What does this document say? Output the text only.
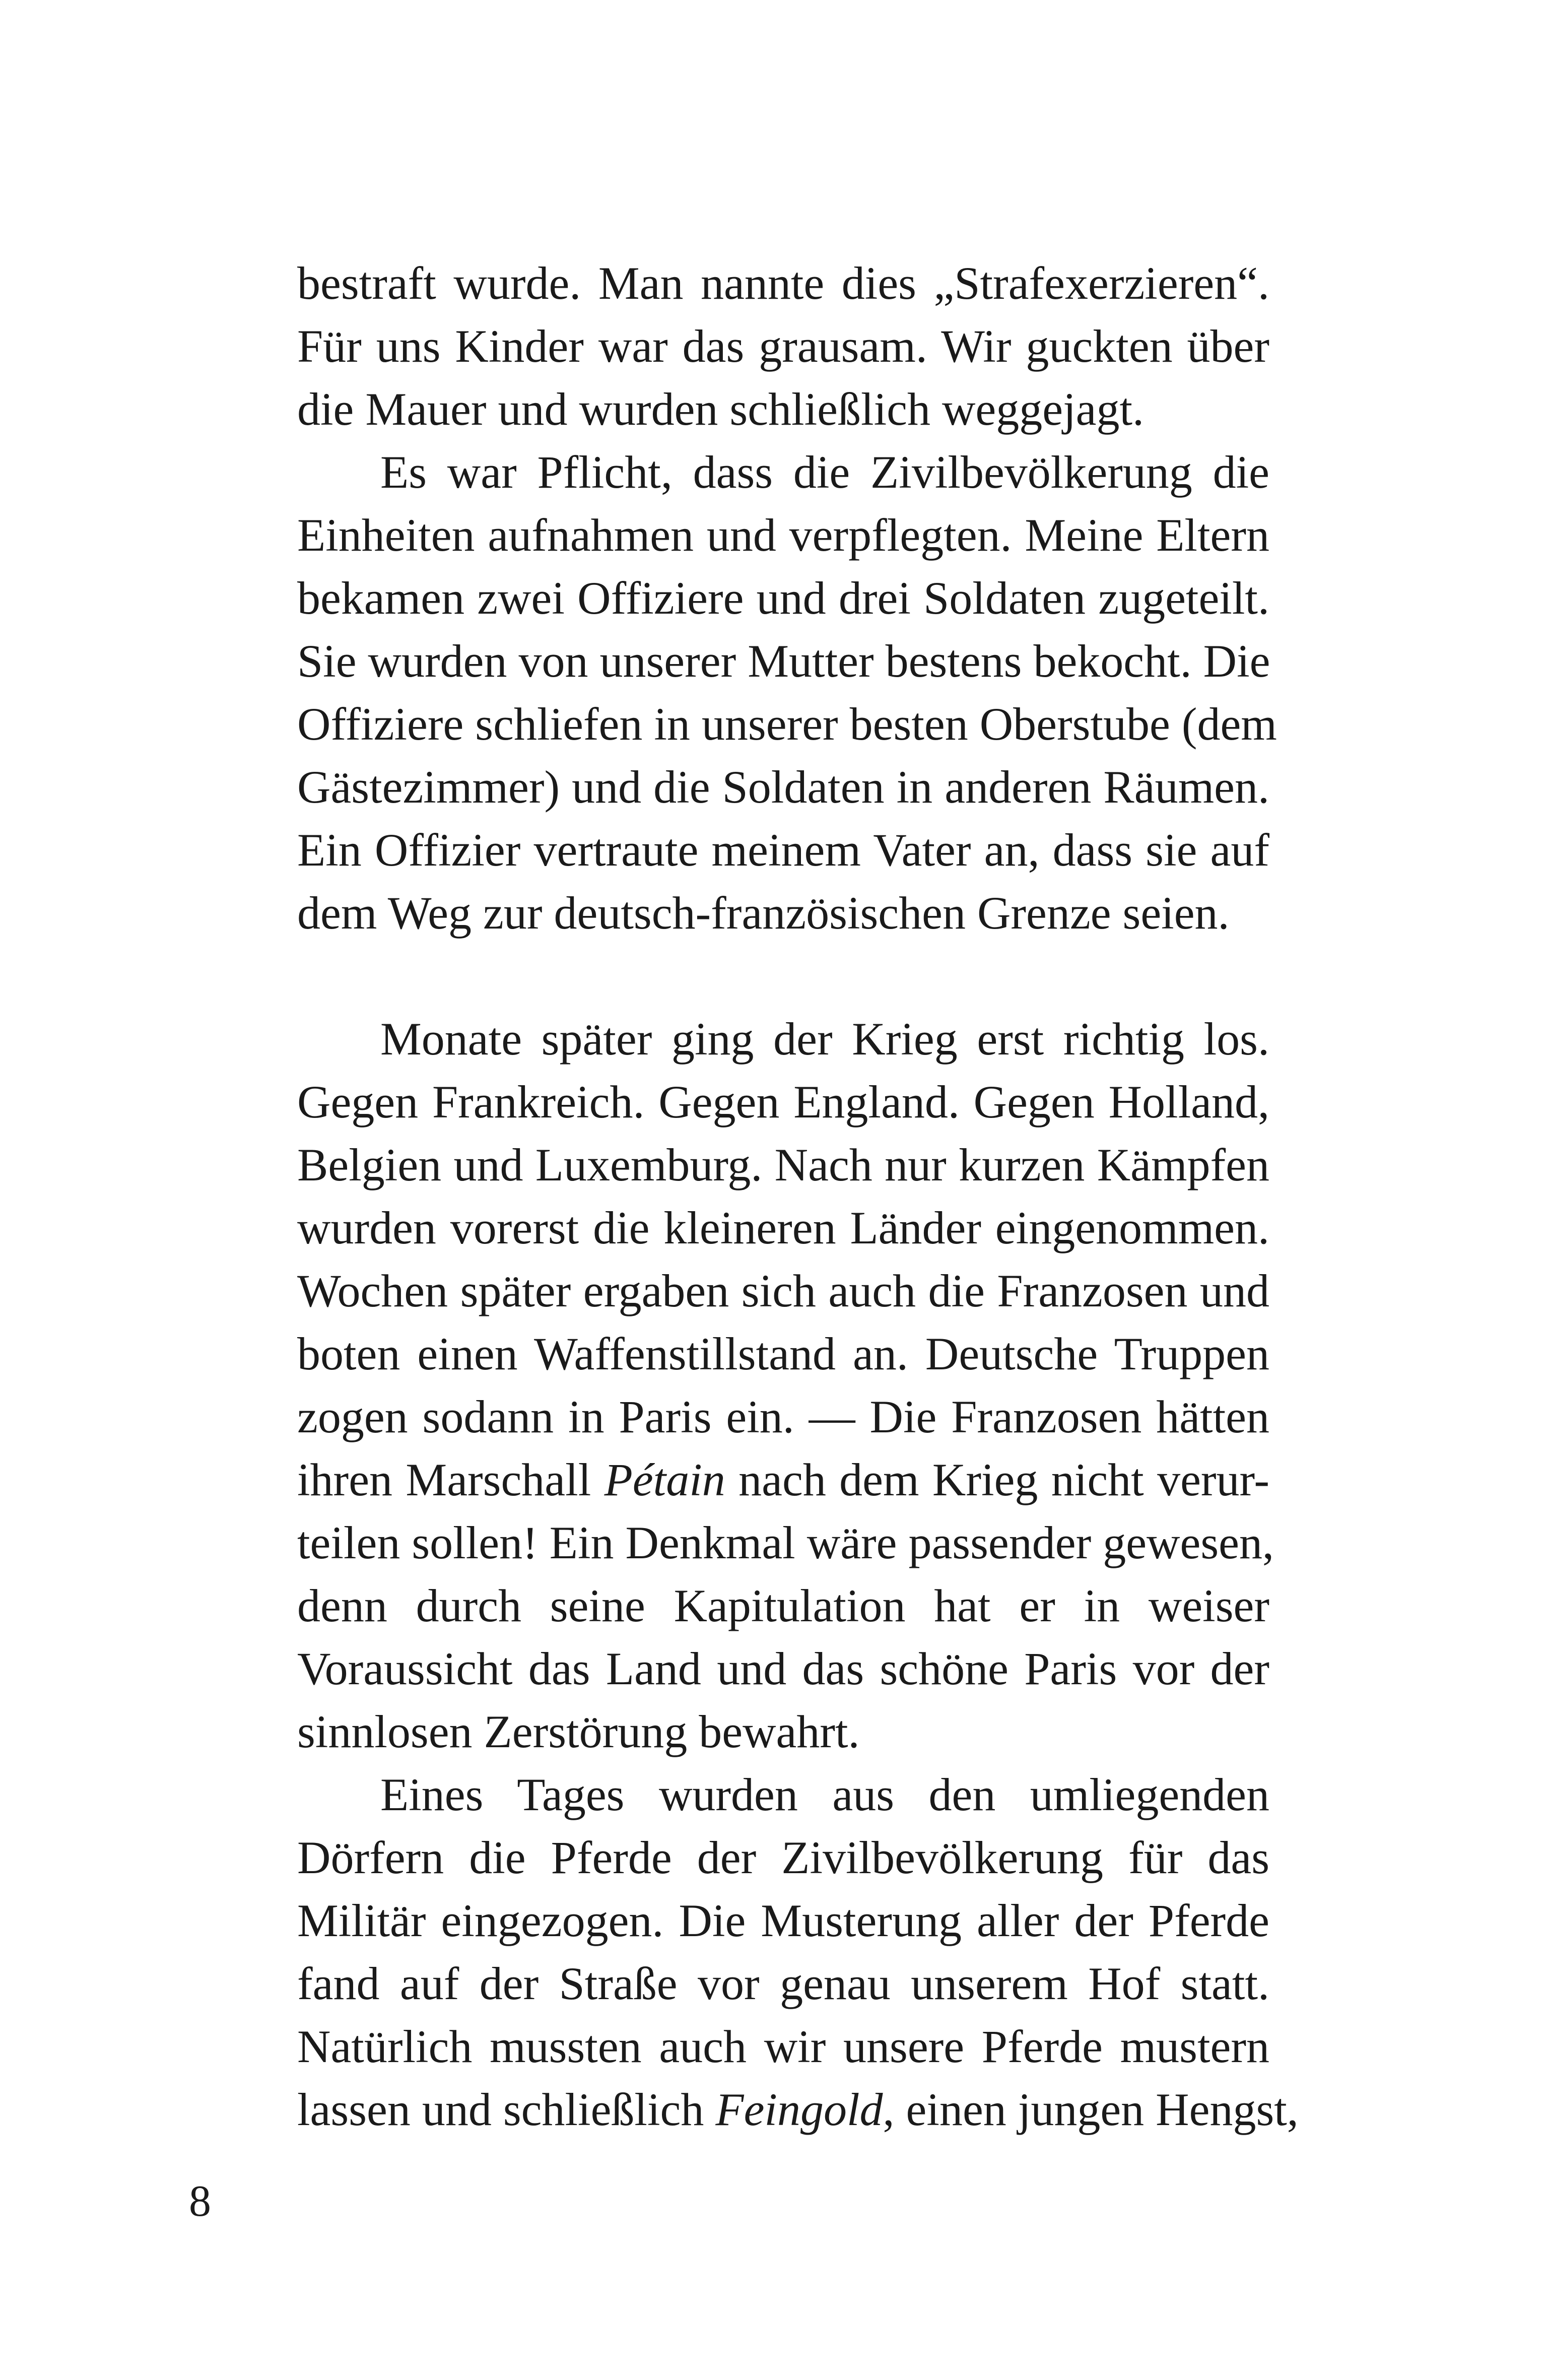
bestraft wurde. Man nannte dies „Strafexerzieren“.
Für uns Kinder war das grausam. Wir guckten über
die Mauer und wurden schließlich weggejagt.
Es war Pflicht, dass die Zivilbevölkerung die
Einheiten aufnahmen und verpflegten. Meine Eltern
bekamen zwei Offiziere und drei Soldaten zugeteilt.
Sie wurden von unserer Mutter bestens bekocht. Die
Offiziere schliefen in unserer besten Oberstube (dem
Gästezimmer) und die Soldaten in anderen Räumen.
Ein Offizier vertraute meinem Vater an, dass sie auf
dem Weg zur deutsch-französischen Grenze seien.
Monate später ging der Krieg erst richtig los.
Gegen Frankreich. Gegen England. Gegen Holland,
Belgien und Luxemburg. Nach nur kurzen Kämpfen
wurden vorerst die kleineren Länder eingenommen.
Wochen später ergaben sich auch die Franzosen und
boten einen Waffenstillstand an. Deutsche Truppen
zogen sodann in Paris ein. — Die Franzosen hätten
ihren Marschall Pétain nach dem Krieg nicht verur-
teilen sollen! Ein Denkmal wäre passender gewesen,
denn durch seine Kapitulation hat er in weiser
Voraussicht das Land und das schöne Paris vor der
sinnlosen Zerstörung bewahrt.
Eines Tages wurden aus den umliegenden
Dörfern die Pferde der Zivilbevölkerung für das
Militär eingezogen. Die Musterung aller der Pferde
fand auf der Straße vor genau unserem Hof statt.
Natürlich mussten auch wir unsere Pferde mustern
lassen und schließlich Feingold, einen jungen Hengst,
8
